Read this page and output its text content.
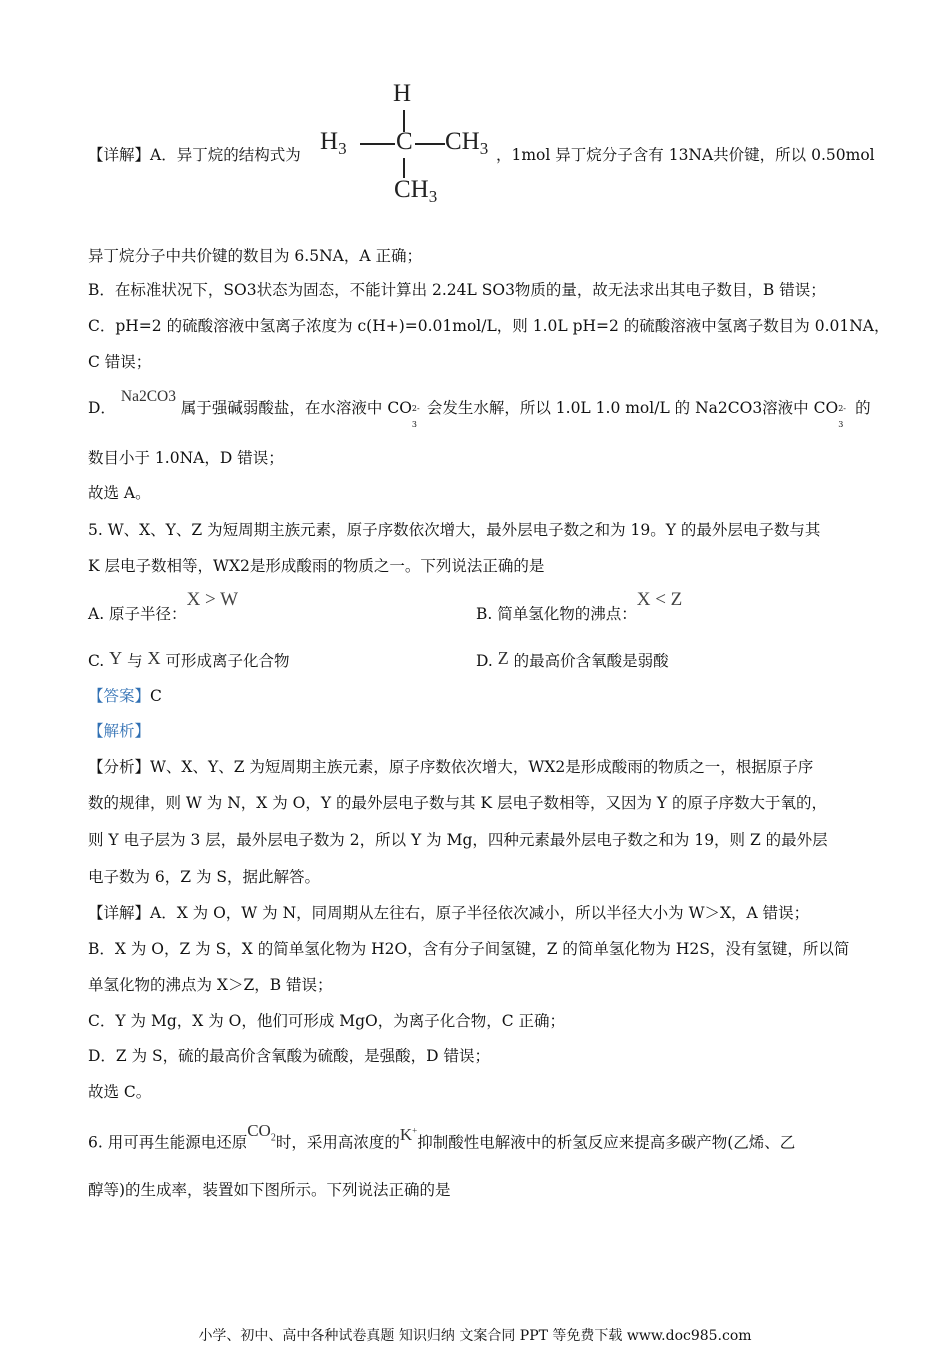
【详解】A．异丁烷的结构式为
H
$H_3$ C $CH_3$
$CH_3$
，1mol 异丁烷分子含有 13NA共价键，所以 0.50mol
异丁烷分子中共价键的数目为 6.5NA，A 正确；
B．在标准状况下，SO3状态为固态，不能计算出 2.24L SO3物质的量，故无法求出其电子数目，B 错误；
C．pH=2 的硫酸溶液中氢离子浓度为 c(H+)=0.01mol/L，则 1.0L pH=2 的硫酸溶液中氢离子数目为 0.01NA，
C 错误；
D． Na2CO3 属于强碱弱酸盐，在水溶液中 CO 2-
3
会发生水解，所以 1.0L 1.0 mol/L 的 Na2CO3溶液中 CO 2-
3
的
数目小于 1.0NA，D 错误；
故选 A。
5. W、X、Y、Z 为短周期主族元素，原子序数依次增大，最外层电子数之和为 19。Y 的最外层电子数与其
K 层电子数相等，WX2是形成酸雨的物质之一。下列说法正确的是
A. 原子半径：X > W
B. 简单氢化物的沸点：X < Z
C. Y 与 X 可形成离子化合物	D. Z 的最高价含氧酸是弱酸
【答案】C
【解析】
【分析】W、X、Y、Z 为短周期主族元素，原子序数依次增大，WX2是形成酸雨的物质之一，根据原子序
数的规律，则 W 为 N，X 为 O，Y 的最外层电子数与其 K 层电子数相等，又因为 Y 的原子序数大于氧的，
则 Y 电子层为 3 层，最外层电子数为 2，所以 Y 为 Mg，四种元素最外层电子数之和为 19，则 Z 的最外层
电子数为 6，Z 为 S，据此解答。
【详解】A．X 为 O，W 为 N，同周期从左往右，原子半径依次减小，所以半径大小为 W＞X，A 错误；
B．X 为 O，Z 为 S，X 的简单氢化物为 H2O，含有分子间氢键，Z 的简单氢化物为 H2S，没有氢键，所以简
单氢化物的沸点为 X＞Z，B 错误；
C．Y 为 Mg，X 为 O，他们可形成 MgO，为离子化合物，C 正确；
D．Z 为 S，硫的最高价含氧酸为硫酸，是强酸，D 错误；
故选 C。
6. 用可再生能源电还原$CO_2$时，采用高浓度的K+抑制酸性电解液中的析氢反应来提高多碳产物(乙烯、乙
醇等)的生成率，装置如下图所示。下列说法正确的是
小学、初中、高中各种试卷真题 知识归纳 文案合同 PPT 等免费下载 www.doc985.com
